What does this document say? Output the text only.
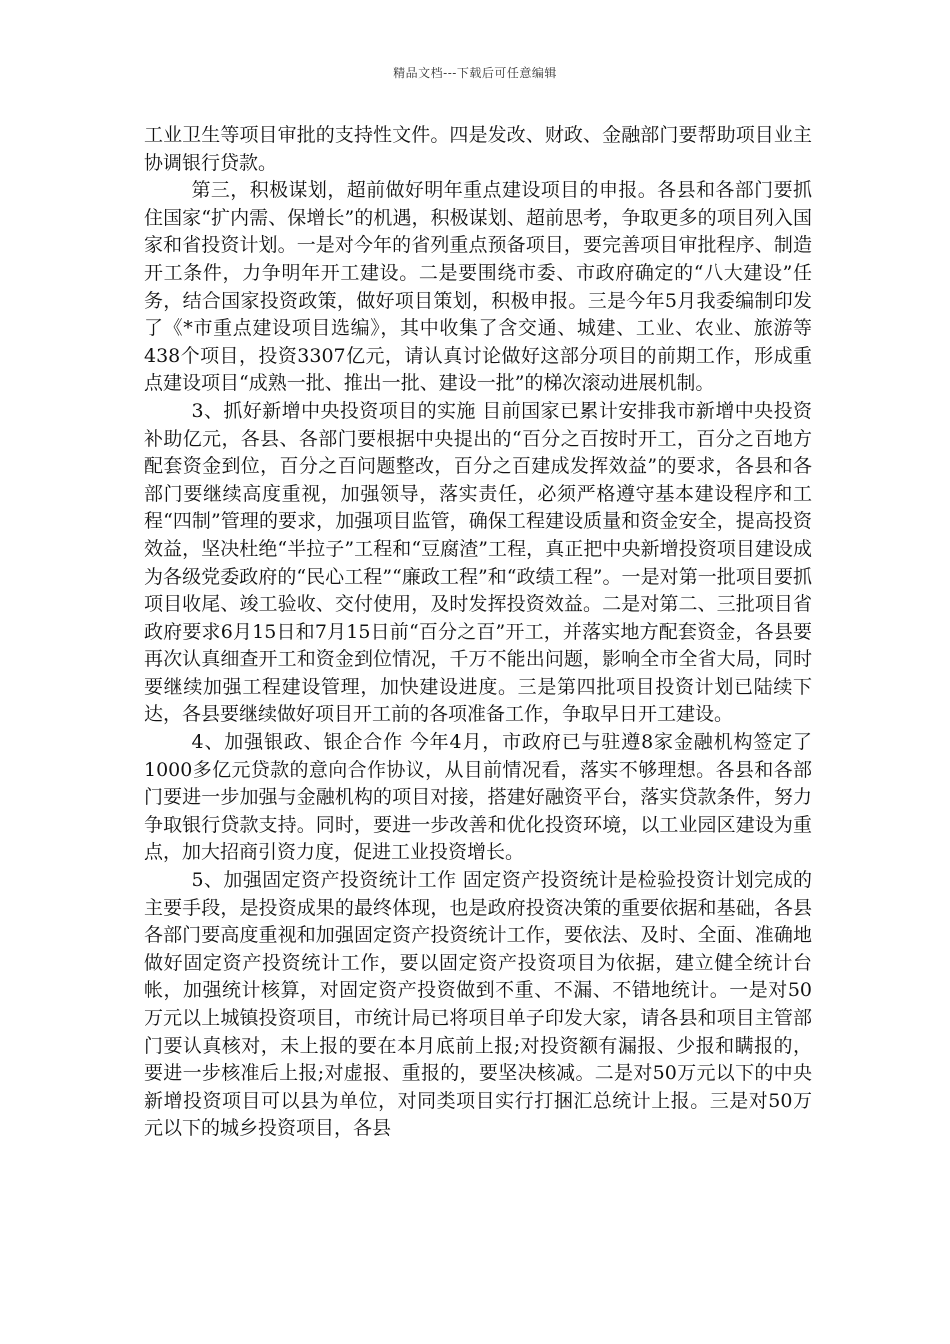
精品文档---下载后可任意编辑

工业卫生等项目审批的支持性文件。四是发改、财政、金融部门要帮助项目业主协调银行贷款。

第三，积极谋划，超前做好明年重点建设项目的申报。各县和各部门要抓住国家“扩内需、保增长”的机遇，积极谋划、超前思考，争取更多的项目列入国家和省投资计划。一是对今年的省列重点预备项目，要完善项目审批程序、制造开工条件，力争明年开工建设。二是要围绕市委、市政府确定的“八大建设”任务，结合国家投资政策，做好项目策划，积极申报。三是今年5月我委编制印发了《*市重点建设项目选编》，其中收集了含交通、城建、工业、农业、旅游等438个项目，投资3307亿元，请认真讨论做好这部分项目的前期工作，形成重点建设项目“成熟一批、推出一批、建设一批”的梯次滚动进展机制。

3、抓好新增中央投资项目的实施 目前国家已累计安排我市新增中央投资补助亿元，各县、各部门要根据中央提出的“百分之百按时开工，百分之百地方配套资金到位，百分之百问题整改，百分之百建成发挥效益”的要求，各县和各部门要继续高度重视，加强领导，落实责任，必须严格遵守基本建设程序和工程“四制”管理的要求，加强项目监管，确保工程建设质量和资金安全，提高投资效益，坚决杜绝“半拉子”工程和“豆腐渣”工程，真正把中央新增投资项目建设成为各级党委政府的“民心工程”“廉政工程”和“政绩工程”。一是对第一批项目要抓项目收尾、竣工验收、交付使用，及时发挥投资效益。二是对第二、三批项目省政府要求6月15日和7月15日前“百分之百”开工，并落实地方配套资金，各县要再次认真细查开工和资金到位情况，千万不能出问题，影响全市全省大局，同时要继续加强工程建设管理，加快建设进度。三是第四批项目投资计划已陆续下达，各县要继续做好项目开工前的各项准备工作，争取早日开工建设。

4、加强银政、银企合作 今年4月，市政府已与驻遵8家金融机构签定了1000多亿元贷款的意向合作协议，从目前情况看，落实不够理想。各县和各部门要进一步加强与金融机构的项目对接，搭建好融资平台，落实贷款条件，努力争取银行贷款支持。同时，要进一步改善和优化投资环境，以工业园区建设为重点，加大招商引资力度，促进工业投资增长。

5、加强固定资产投资统计工作 固定资产投资统计是检验投资计划完成的主要手段，是投资成果的最终体现，也是政府投资决策的重要依据和基础，各县各部门要高度重视和加强固定资产投资统计工作，要依法、及时、全面、准确地做好固定资产投资统计工作，要以固定资产投资项目为依据，建立健全统计台帐，加强统计核算，对固定资产投资做到不重、不漏、不错地统计。一是对50万元以上城镇投资项目，市统计局已将项目单子印发大家，请各县和项目主管部门要认真核对，未上报的要在本月底前上报;对投资额有漏报、少报和瞒报的，要进一步核准后上报;对虚报、重报的，要坚决核减。二是对50万元以下的中央新增投资项目可以县为单位，对同类项目实行打捆汇总统计上报。三是对50万元以下的城乡投资项目，各县
